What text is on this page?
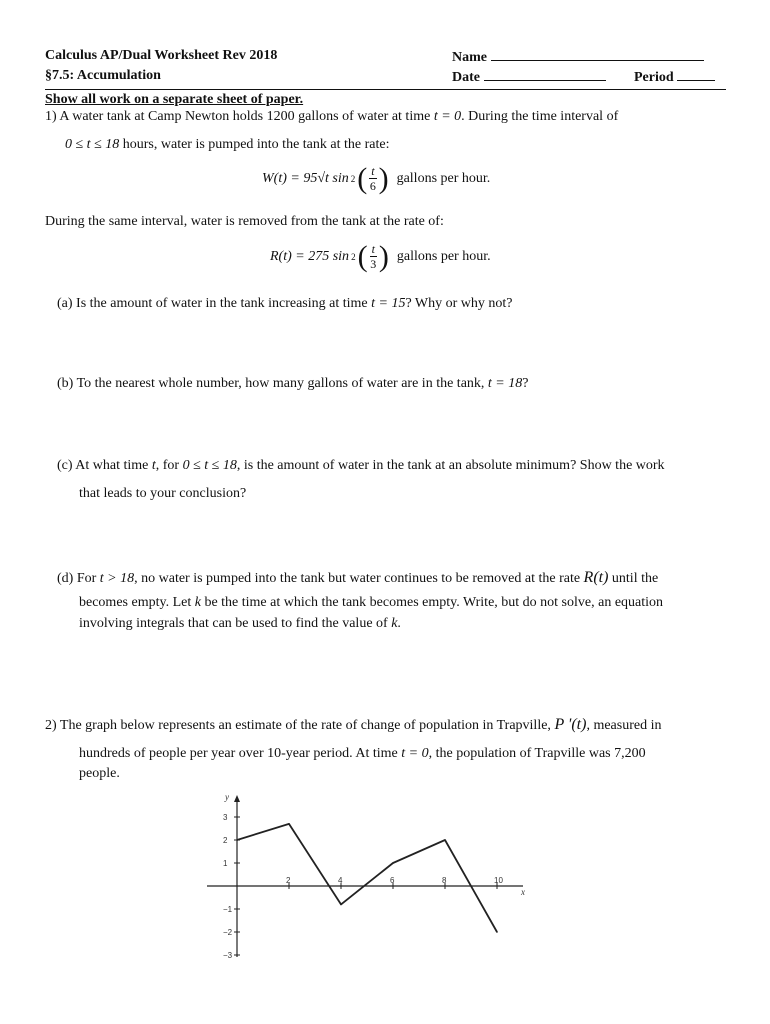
Calculus AP/Dual Worksheet Rev 2018
§7.5: Accumulation
Name
Date	Period
Show all work on a separate sheet of paper.
1) A water tank at Camp Newton holds 1200 gallons of water at time t = 0. During the time interval of
0 ≤ t ≤ 18 hours, water is pumped into the tank at the rate:
W(t) = 95√t sin 2 ( $\frac{t}{6}$ ) gallons per hour.
During the same interval, water is removed from the tank at the rate of:
R(t) = 275 sin 2 ( $\frac{t}{3}$ ) gallons per hour.
(a) Is the amount of water in the tank increasing at time t = 15? Why or why not?
(b) To the nearest whole number, how many gallons of water are in the tank, t = 18?
(c) At what time t, for 0 ≤ t ≤ 18, is the amount of water in the tank at an absolute minimum? Show the work
that leads to your conclusion?
(d) For t > 18, no water is pumped into the tank but water continues to be removed at the rate R(t) until the
becomes empty. Let k be the time at which the tank becomes empty. Write, but do not solve, an equation
involving integrals that can be used to find the value of k.
2) The graph below represents an estimate of the rate of change of population in Trapville, P '(t), measured in
hundreds of people per year over 10-year period. At time t = 0, the population of Trapville was 7,200
people.
y
x
2	4	6	8	10
3
2
1
−1
−2
−3
